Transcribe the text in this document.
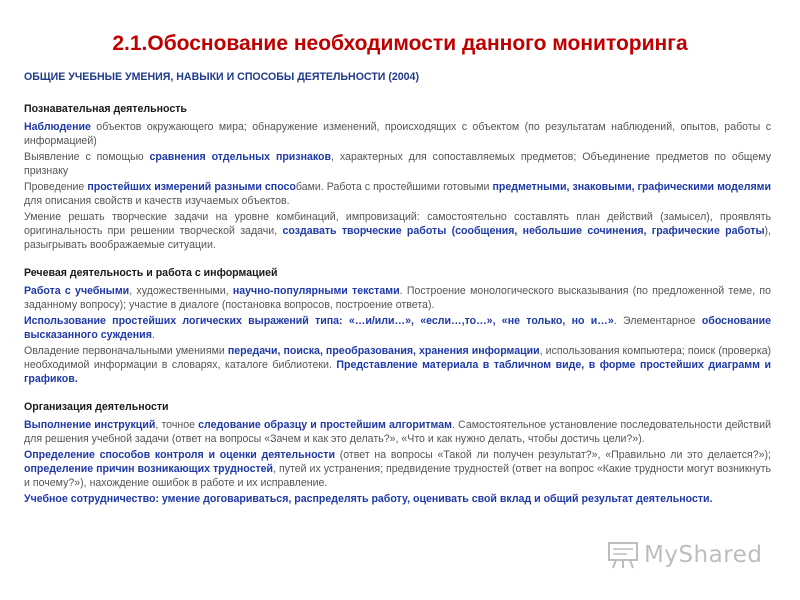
2.1.Обоснование необходимости данного мониторинга
ОБЩИЕ УЧЕБНЫЕ УМЕНИЯ, НАВЫКИ И СПОСОБЫ ДЕЯТЕЛЬНОСТИ (2004)
Познавательная деятельность
Наблюдение объектов окружающего мира; обнаружение изменений, происходящих с объектом (по результатам наблюдений, опытов, работы с информацией)
Выявление с помощью сравнения отдельных признаков, характерных для сопоставляемых предметов; Объединение предметов по общему признаку
Проведение простейших измерений разными способами. Работа с простейшими готовыми предметными, знаковыми, графическими моделями для описания свойств и качеств изучаемых объектов.
Умение решать творческие задачи на уровне комбинаций, импровизаций: самостоятельно составлять план действий (замысел), проявлять оригинальность при решении творческой задачи, создавать творческие работы (сообщения, небольшие сочинения, графические работы), разыгрывать воображаемые ситуации.
Речевая деятельность и работа с информацией
Работа с учебными, художественными, научно-популярными текстами. Построение монологического высказывания (по предложенной теме, по заданному вопросу); участие в диалоге (постановка вопросов, построение ответа).
Использование простейших логических выражений типа: «…и/или…», «если…,то…», «не только, но и…». Элементарное обоснование высказанного суждения.
Овладение первоначальными умениями передачи, поиска, преобразования, хранения информации, использования компьютера; поиск (проверка) необходимой информации в словарях, каталоге библиотеки. Представление материала в табличном виде, в форме простейших диаграмм и графиков.
Организация деятельности
Выполнение инструкций, точное следование образцу и простейшим алгоритмам. Самостоятельное установление последовательности действий для решения учебной задачи (ответ на вопросы «Зачем и как это делать?», «Что и как нужно делать, чтобы достичь цели?»).
Определение способов контроля и оценки деятельности (ответ на вопросы «Такой ли получен результат?», «Правильно ли это делается?»); определение причин возникающих трудностей, путей их устранения; предвидение трудностей (ответ на вопрос «Какие трудности могут возникнуть и почему?»), нахождение ошибок в работе и их исправление.
Учебное сотрудничество: умение договариваться, распределять работу, оценивать свой вклад и общий результат деятельности.
MyShared
